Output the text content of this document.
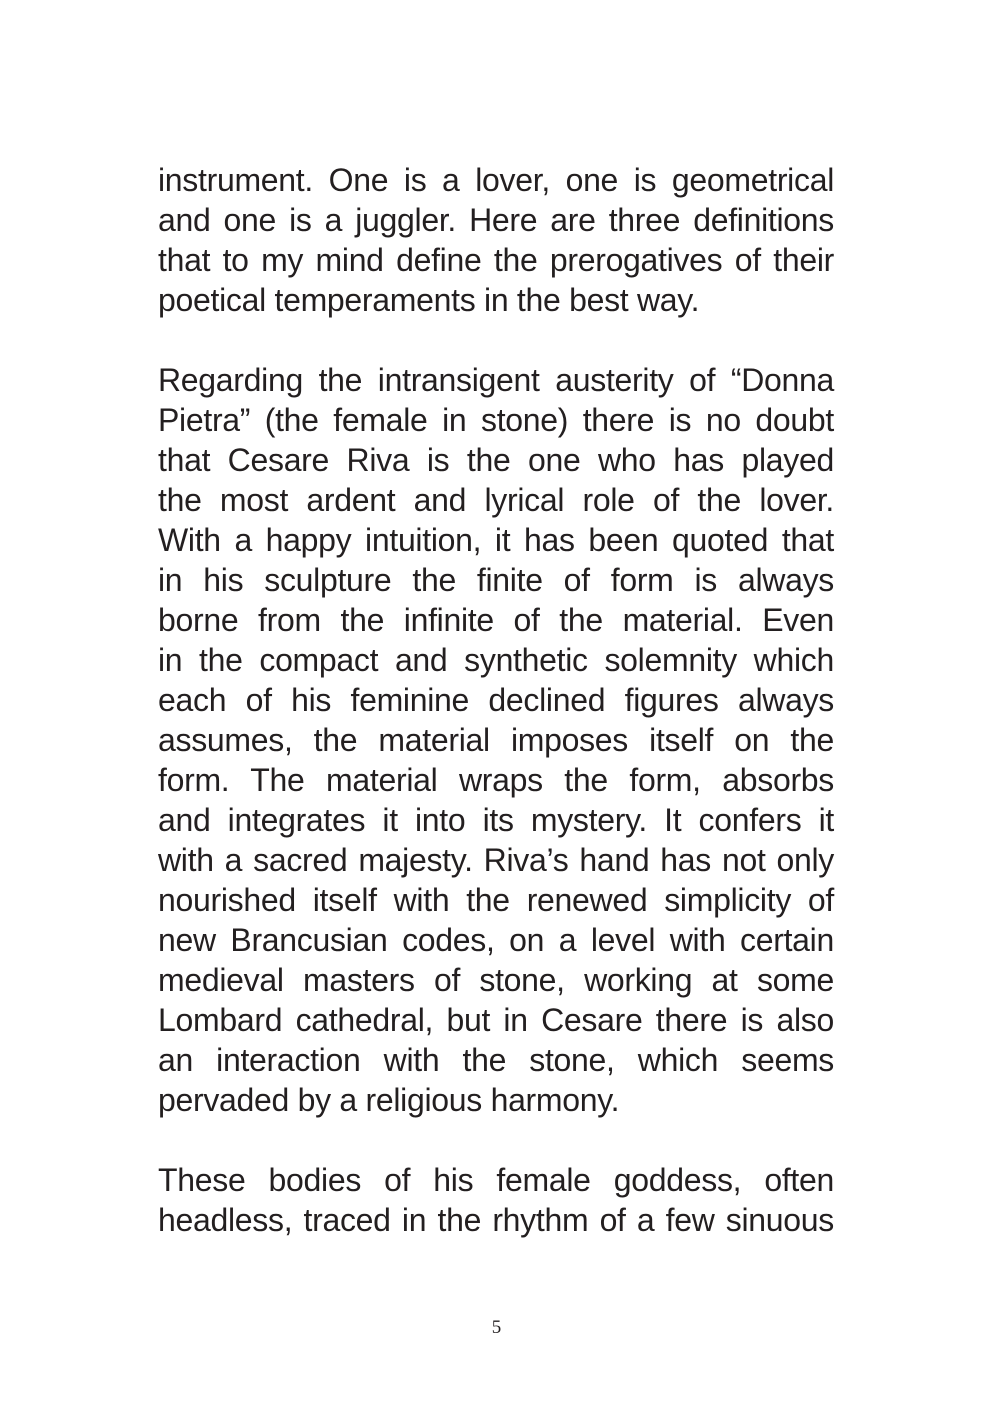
instrument. One is a lover, one is geometrical
and one is a juggler. Here are three definitions
that to my mind define the prerogatives of their
poetical temperaments in the best way.

Regarding the intransigent austerity of “Donna
Pietra” (the female in stone) there is no doubt
that Cesare Riva is the one who has played
the most ardent and lyrical role of the lover.
With a happy intuition, it has been quoted that
in his sculpture the finite of form is always
borne from the infinite of the material. Even
in the compact and synthetic solemnity which
each of his feminine declined figures always
assumes, the material imposes itself on the
form. The material wraps the form, absorbs
and integrates it into its mystery. It confers it
with a sacred majesty. Riva’s hand has not only
nourished itself with the renewed simplicity of
new Brancusian codes, on a level with certain
medieval masters of stone, working at some
Lombard cathedral, but in Cesare there is also
an interaction with the stone, which seems
pervaded by a religious harmony.

These bodies of his female goddess, often
headless, traced in the rhythm of a few sinuous

5
